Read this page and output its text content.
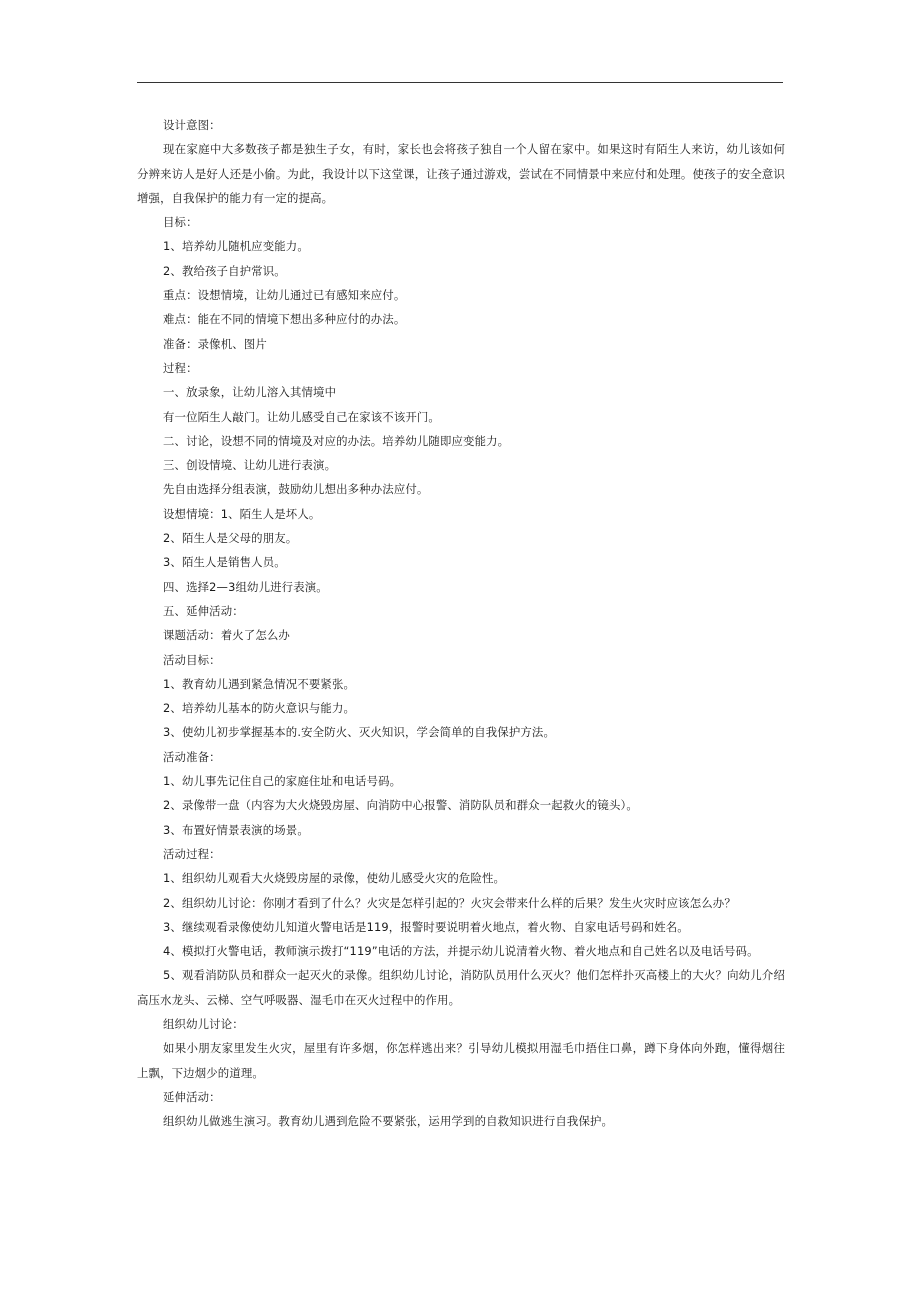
设计意图：

现在家庭中大多数孩子都是独生子女，有时，家长也会将孩子独自一个人留在家中。如果这时有陌生人来访，幼儿该如何分辨来访人是好人还是小偷。为此，我设计以下这堂课，让孩子通过游戏，尝试在不同情景中来应付和处理。使孩子的安全意识增强，自我保护的能力有一定的提高。

目标：

1、培养幼儿随机应变能力。

2、教给孩子自护常识。

重点：设想情境，让幼儿通过已有感知来应付。

难点：能在不同的情境下想出多种应付的办法。

准备：录像机、图片

过程：

一、放录象，让幼儿溶入其情境中

有一位陌生人敲门。让幼儿感受自己在家该不该开门。

二、讨论，设想不同的情境及对应的办法。培养幼儿随即应变能力。

三、创设情境、让幼儿进行表演。

先自由选择分组表演，鼓励幼儿想出多种办法应付。

设想情境：1、陌生人是坏人。

2、陌生人是父母的朋友。

3、陌生人是销售人员。

四、选择2—3组幼儿进行表演。

五、延伸活动：

课题活动：着火了怎么办

活动目标：

1、教育幼儿遇到紧急情况不要紧张。

2、培养幼儿基本的防火意识与能力。

3、使幼儿初步掌握基本的.安全防火、灭火知识，学会简单的自我保护方法。

活动准备：

1、幼儿事先记住自己的家庭住址和电话号码。

2、录像带一盘（内容为大火烧毁房屋、向消防中心报警、消防队员和群众一起救火的镜头）。

3、布置好情景表演的场景。

活动过程：

1、组织幼儿观看大火烧毁房屋的录像，使幼儿感受火灾的危险性。

2、组织幼儿讨论：你刚才看到了什么？火灾是怎样引起的？火灾会带来什么样的后果？发生火灾时应该怎么办？

3、继续观看录像使幼儿知道火警电话是119，报警时要说明着火地点，着火物、自家电话号码和姓名。

4、模拟打火警电话，教师演示拨打“119”电话的方法，并提示幼儿说清着火物、着火地点和自己姓名以及电话号码。

5、观看消防队员和群众一起灭火的录像。组织幼儿讨论，消防队员用什么灭火？他们怎样扑灭高楼上的大火？向幼儿介绍高压水龙头、云梯、空气呼吸器、湿毛巾在灭火过程中的作用。

组织幼儿讨论：

如果小朋友家里发生火灾，屋里有许多烟，你怎样逃出来？引导幼儿模拟用湿毛巾捂住口鼻，蹲下身体向外跑，懂得烟往上飘，下边烟少的道理。

延伸活动：

组织幼儿做逃生演习。教育幼儿遇到危险不要紧张，运用学到的自救知识进行自我保护。
